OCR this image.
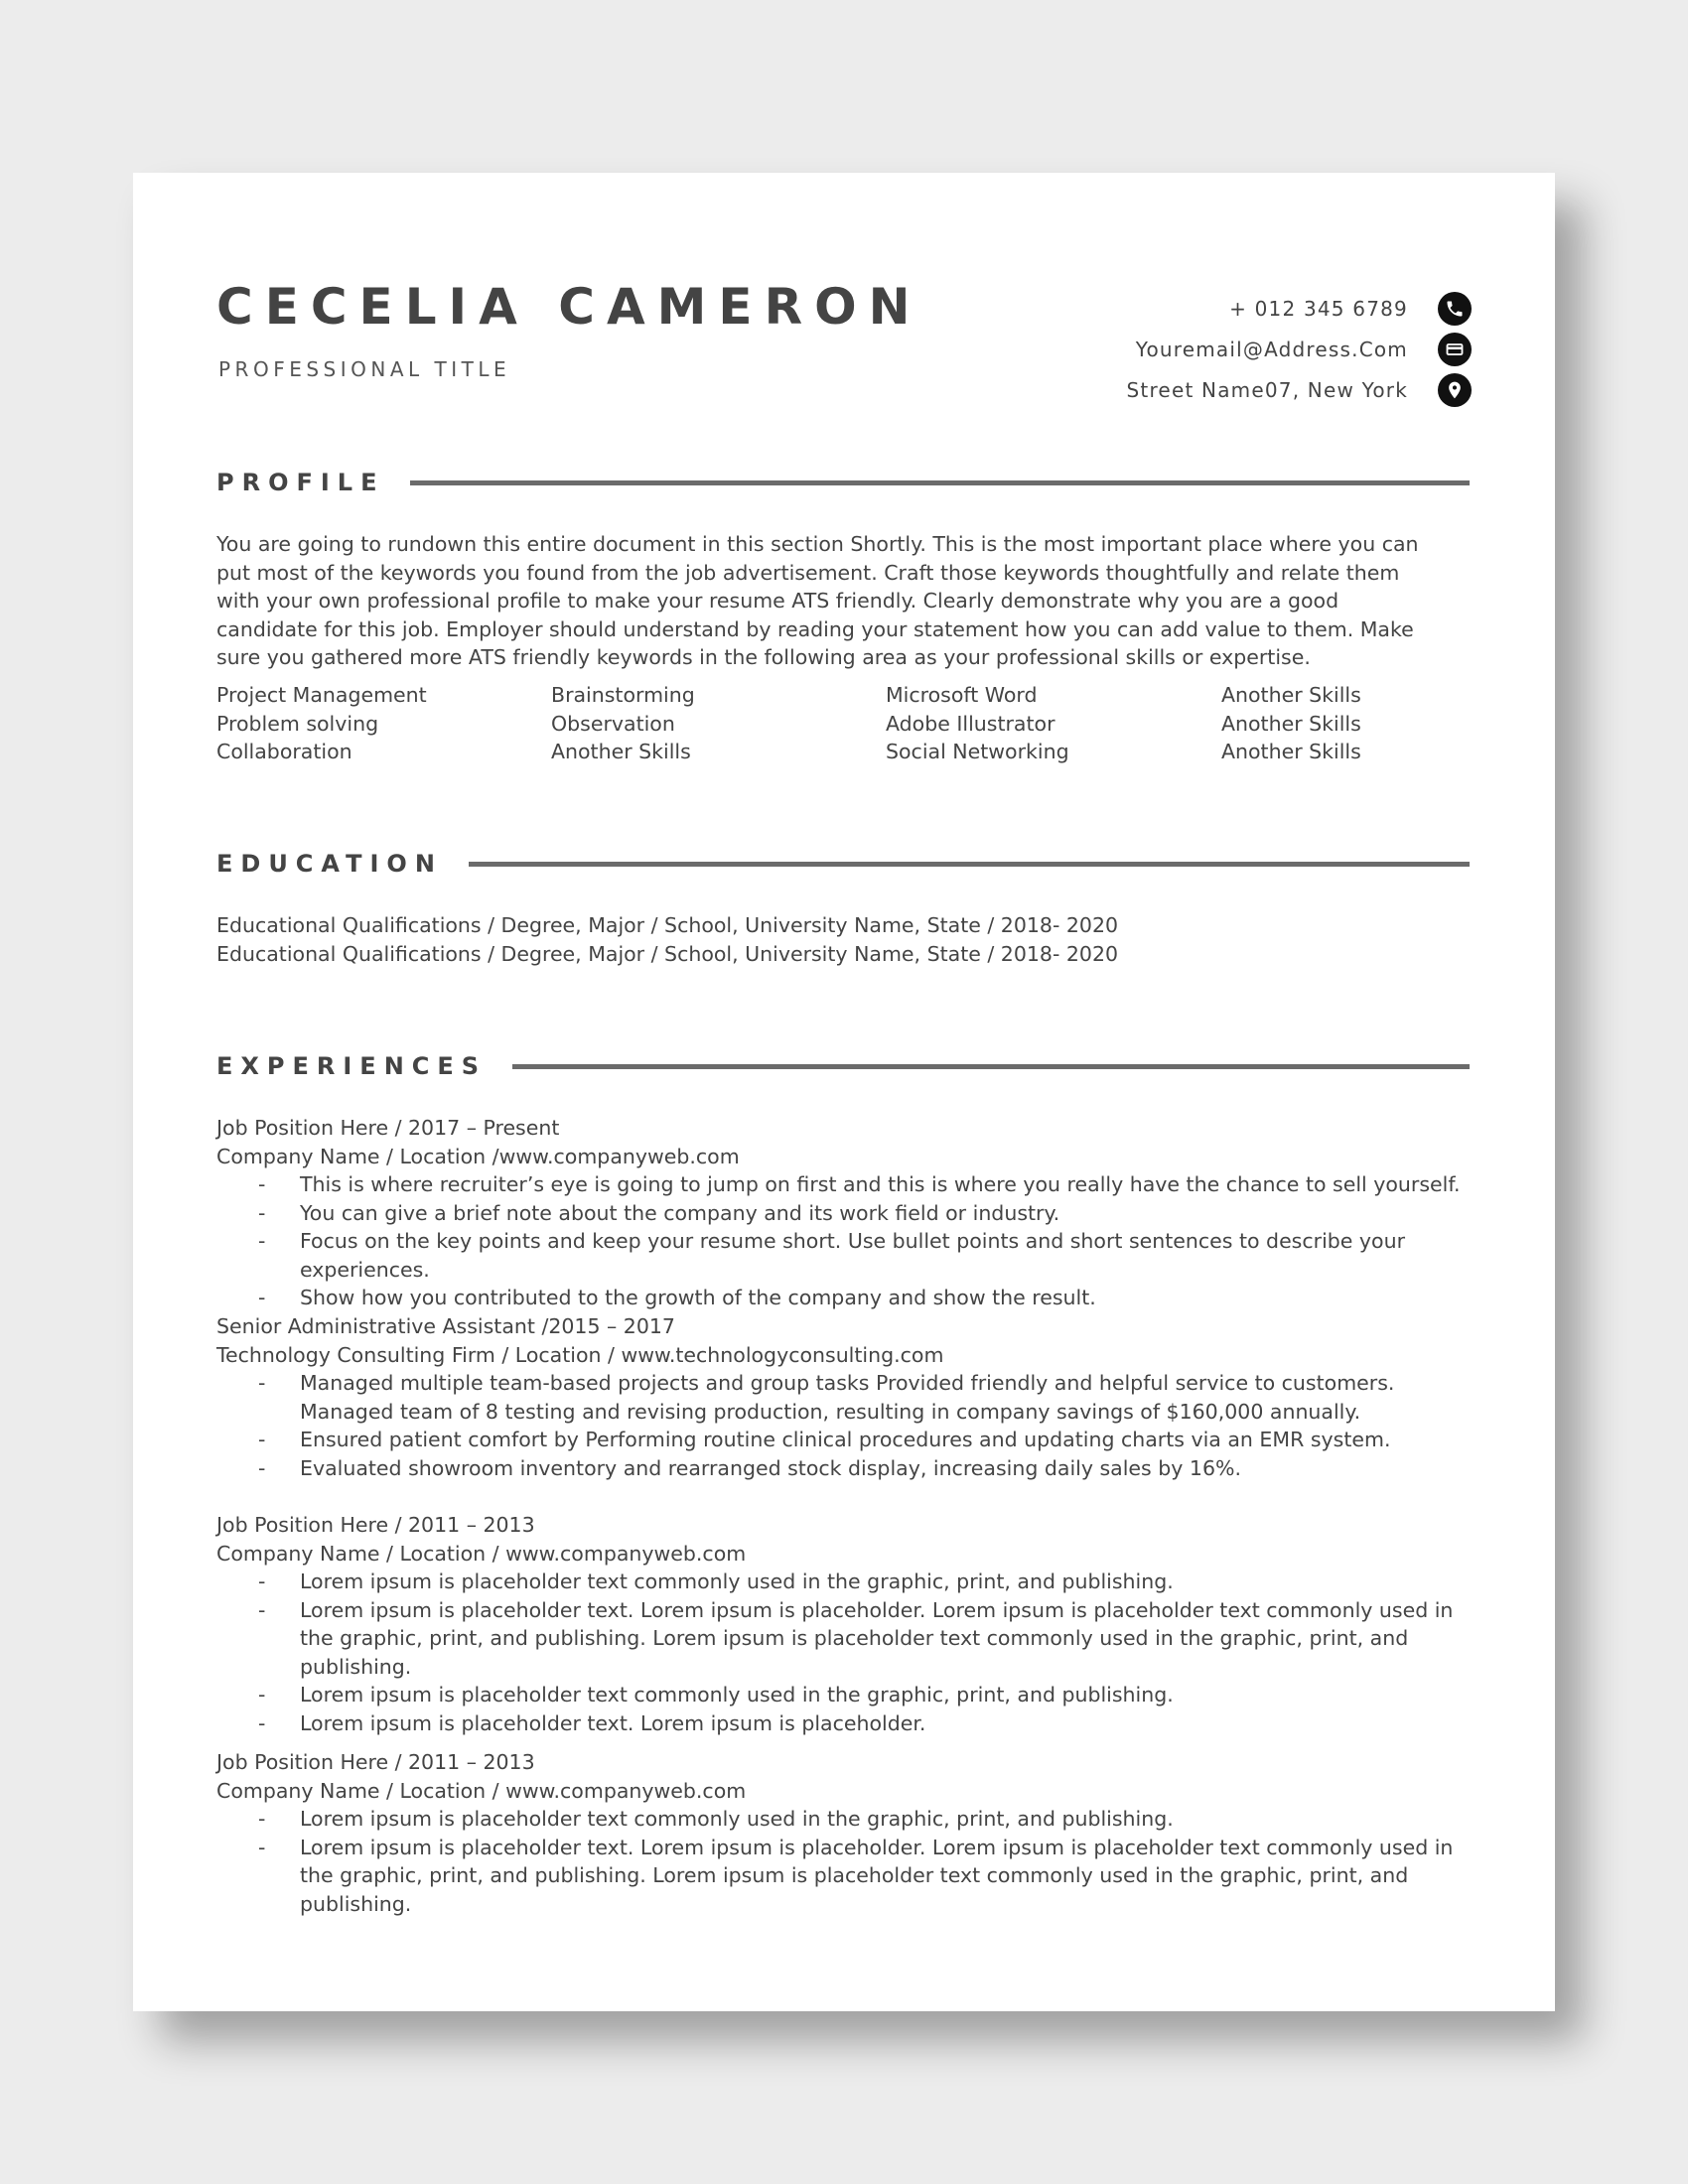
CECELIA CAMERON
PROFESSIONAL TITLE
+ 012 345 6789
Youremail@Address.Com
Street Name07, New York
PROFILE

You are going to rundown this entire document in this section Shortly. This is the most important place where you can put most of the keywords you found from the job advertisement. Craft those keywords thoughtfully and relate them with your own professional profile to make your resume ATS friendly. Clearly demonstrate why you are a good candidate for this job. Employer should understand by reading your statement how you can add value to them. Make sure you gathered more ATS friendly keywords in the following area as your professional skills or expertise.

Project Management
Problem solving
Collaboration
Brainstorming
Observation
Another Skills
Microsoft Word
Adobe Illustrator
Social Networking
Another Skills
Another Skills
Another Skills
EDUCATION
Educational Qualifications / Degree, Major / School, University Name, State / 2018- 2020
Educational Qualifications / Degree, Major / School, University Name, State / 2018- 2020
EXPERIENCES
Job Position Here / 2017 – Present
Company Name / Location /www.companyweb.com
- This is where recruiter’s eye is going to jump on first and this is where you really have the chance to sell yourself.
- You can give a brief note about the company and its work field or industry.
- Focus on the key points and keep your resume short. Use bullet points and short sentences to describe your experiences.
- Show how you contributed to the growth of the company and show the result.
Senior Administrative Assistant /2015 – 2017
Technology Consulting Firm / Location / www.technologyconsulting.com
- Managed multiple team-based projects and group tasks Provided friendly and helpful service to customers. Managed team of 8 testing and revising production, resulting in company savings of $160,000 annually.
- Ensured patient comfort by Performing routine clinical procedures and updating charts via an EMR system.
- Evaluated showroom inventory and rearranged stock display, increasing daily sales by 16%.
Job Position Here / 2011 – 2013
Company Name / Location / www.companyweb.com
- Lorem ipsum is placeholder text commonly used in the graphic, print, and publishing.
- Lorem ipsum is placeholder text. Lorem ipsum is placeholder. Lorem ipsum is placeholder text commonly used in the graphic, print, and publishing. Lorem ipsum is placeholder text commonly used in the graphic, print, and publishing.
- Lorem ipsum is placeholder text commonly used in the graphic, print, and publishing.
- Lorem ipsum is placeholder text. Lorem ipsum is placeholder.
Job Position Here / 2011 – 2013
Company Name / Location / www.companyweb.com
- Lorem ipsum is placeholder text commonly used in the graphic, print, and publishing.
- Lorem ipsum is placeholder text. Lorem ipsum is placeholder. Lorem ipsum is placeholder text commonly used in the graphic, print, and publishing. Lorem ipsum is placeholder text commonly used in the graphic, print, and publishing.
